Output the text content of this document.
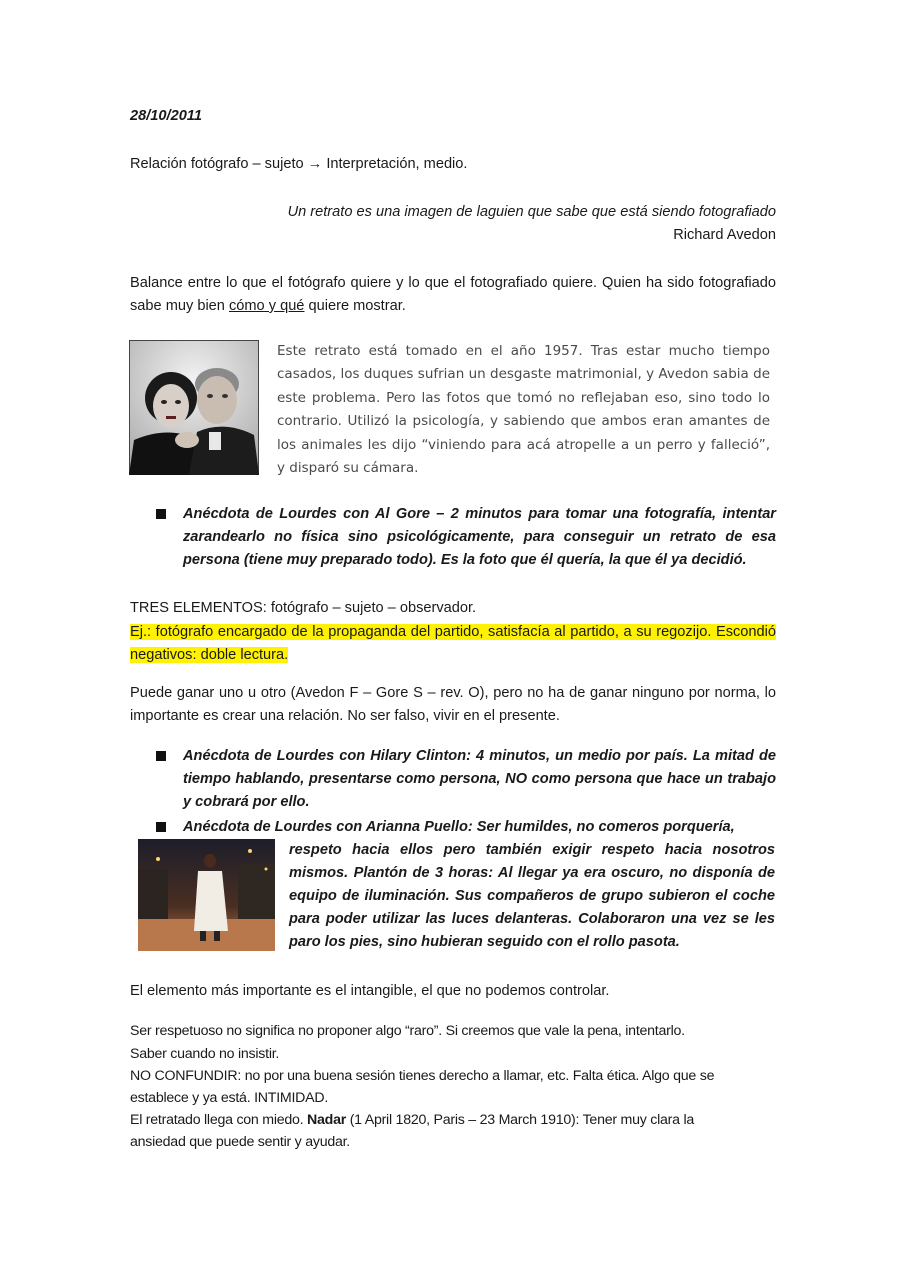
28/10/2011

Relación fotógrafo – sujeto → Interpretación, medio.

Un retrato es una imagen de laguien que sabe que está siendo fotografiado
Richard Avedon

Balance entre lo que el fotógrafo quiere y lo que el fotografiado quiere. Quien ha sido fotografiado sabe muy bien cómo y qué quiere mostrar.

Este retrato está tomado en el año 1957. Tras estar mucho tiempo casados, los duques sufrian un desgaste matrimonial, y Avedon sabia de este problema. Pero las fotos que tomó no reflejaban eso, sino todo lo contrario. Utilizó la psicología, y sabiendo que ambos eran amantes de los animales les dijo “viniendo para acá atropelle a un perro y falleció”, y disparó su cámara.

Anécdota de Lourdes con Al Gore – 2 minutos para tomar una fotografía, intentar zarandearlo no física sino psicológicamente, para conseguir un retrato de esa persona (tiene muy preparado todo). Es la foto que él quería, la que él ya decidió.

TRES ELEMENTOS: fotógrafo – sujeto – observador.

Ej.: fotógrafo encargado de la propaganda del partido, satisfacía al partido, a su regozijo. Escondió negativos: doble lectura.

Puede ganar uno u otro (Avedon F – Gore S – rev. O), pero no ha de ganar ninguno por norma, lo importante es crear una relación. No ser falso, vivir en el presente.

Anécdota de Lourdes con Hilary Clinton: 4 minutos, un medio por país. La mitad de tiempo hablando, presentarse como persona, NO como persona que hace un trabajo y cobrará por ello.

Anécdota de Lourdes con Arianna Puello: Ser humildes, no comeros porquería,

respeto hacia ellos pero también exigir respeto hacia nosotros mismos. Plantón de 3 horas: Al llegar ya era oscuro, no disponía de equipo de iluminación. Sus compañeros de grupo subieron el coche para poder utilizar las luces delanteras. Colaboraron una vez se les paro los pies, sino hubieran seguido con el rollo pasota.

El elemento más importante es el intangible, el que no podemos controlar.

Ser respetuoso no significa no proponer algo “raro”. Si creemos que vale la pena, intentarlo.

Saber cuando no insistir.

NO CONFUNDIR: no por una buena sesión tienes derecho a llamar, etc. Falta ética. Algo que se

establece y ya está. INTIMIDAD.

El retratado llega con miedo. Nadar (1 April 1820, Paris – 23 March 1910): Tener muy clara la

ansiedad que puede sentir y ayudar.
